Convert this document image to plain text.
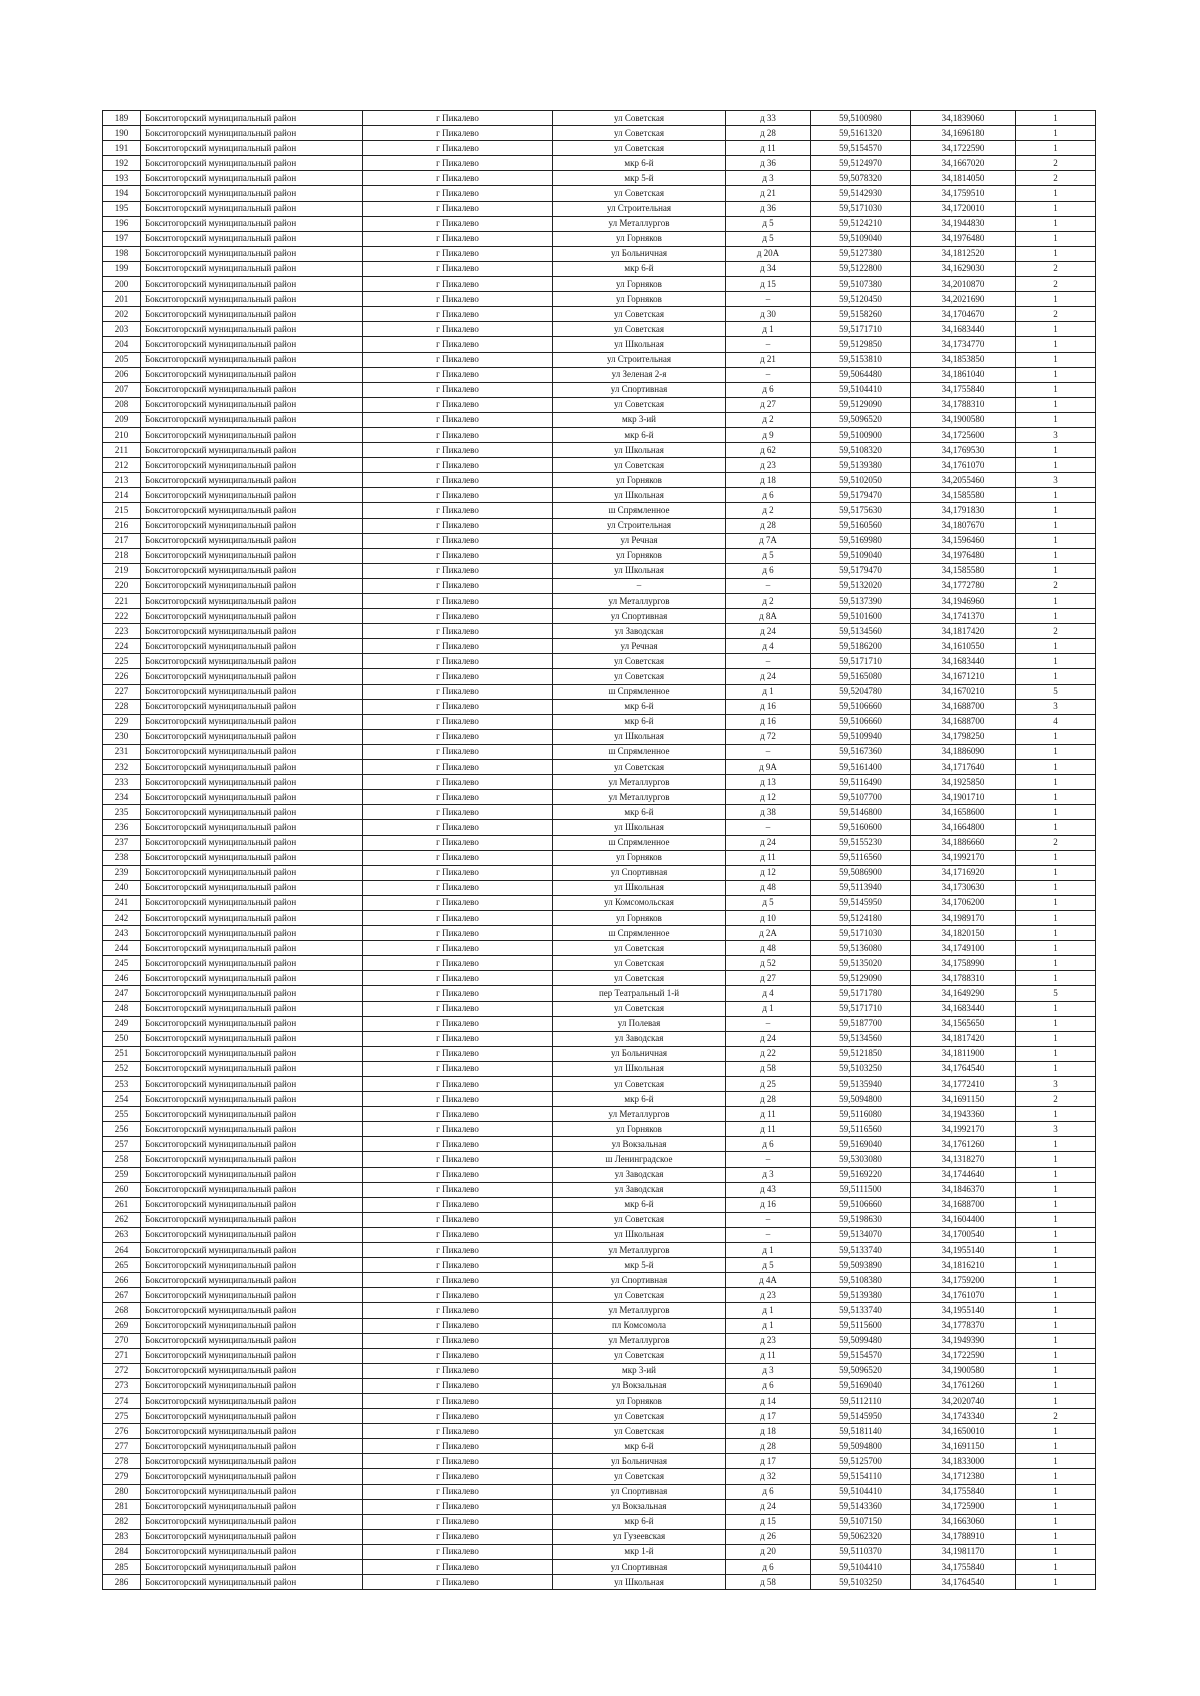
189	Бокситогорский муниципальный район	г Пикалево	ул Советская	д 33	59,5100980	34,1839060	1
190	Бокситогорский муниципальный район	г Пикалево	ул Советская	д 28	59,5161320	34,1696180	1
191	Бокситогорский муниципальный район	г Пикалево	ул Советская	д 11	59,5154570	34,1722590	1
192	Бокситогорский муниципальный район	г Пикалево	мкр 6-й	д 36	59,5124970	34,1667020	2
193	Бокситогорский муниципальный район	г Пикалево	мкр 5-й	д 3	59,5078320	34,1814050	2
194	Бокситогорский муниципальный район	г Пикалево	ул Советская	д 21	59,5142930	34,1759510	1
195	Бокситогорский муниципальный район	г Пикалево	ул Строительная	д 36	59,5171030	34,1720010	1
196	Бокситогорский муниципальный район	г Пикалево	ул Металлургов	д 5	59,5124210	34,1944830	1
197	Бокситогорский муниципальный район	г Пикалево	ул Горняков	д 5	59,5109040	34,1976480	1
198	Бокситогорский муниципальный район	г Пикалево	ул Больничная	д 20А	59,5127380	34,1812520	1
199	Бокситогорский муниципальный район	г Пикалево	мкр 6-й	д 34	59,5122800	34,1629030	2
200	Бокситогорский муниципальный район	г Пикалево	ул Горняков	д 15	59,5107380	34,2010870	2
201	Бокситогорский муниципальный район	г Пикалево	ул Горняков	–	59,5120450	34,2021690	1
202	Бокситогорский муниципальный район	г Пикалево	ул Советская	д 30	59,5158260	34,1704670	2
203	Бокситогорский муниципальный район	г Пикалево	ул Советская	д 1	59,5171710	34,1683440	1
204	Бокситогорский муниципальный район	г Пикалево	ул Школьная	–	59,5129850	34,1734770	1
205	Бокситогорский муниципальный район	г Пикалево	ул Строительная	д 21	59,5153810	34,1853850	1
206	Бокситогорский муниципальный район	г Пикалево	ул Зеленая 2-я	–	59,5064480	34,1861040	1
207	Бокситогорский муниципальный район	г Пикалево	ул Спортивная	д 6	59,5104410	34,1755840	1
208	Бокситогорский муниципальный район	г Пикалево	ул Советская	д 27	59,5129090	34,1788310	1
209	Бокситогорский муниципальный район	г Пикалево	мкр 3-ий	д 2	59,5096520	34,1900580	1
210	Бокситогорский муниципальный район	г Пикалево	мкр 6-й	д 9	59,5100900	34,1725600	3
211	Бокситогорский муниципальный район	г Пикалево	ул Школьная	д 62	59,5108320	34,1769530	1
212	Бокситогорский муниципальный район	г Пикалево	ул Советская	д 23	59,5139380	34,1761070	1
213	Бокситогорский муниципальный район	г Пикалево	ул Горняков	д 18	59,5102050	34,2055460	3
214	Бокситогорский муниципальный район	г Пикалево	ул Школьная	д 6	59,5179470	34,1585580	1
215	Бокситогорский муниципальный район	г Пикалево	ш Спрямленное	д 2	59,5175630	34,1791830	1
216	Бокситогорский муниципальный район	г Пикалево	ул Строительная	д 28	59,5160560	34,1807670	1
217	Бокситогорский муниципальный район	г Пикалево	ул Речная	д 7А	59,5169980	34,1596460	1
218	Бокситогорский муниципальный район	г Пикалево	ул Горняков	д 5	59,5109040	34,1976480	1
219	Бокситогорский муниципальный район	г Пикалево	ул Школьная	д 6	59,5179470	34,1585580	1
220	Бокситогорский муниципальный район	г Пикалево	–	–	59,5132020	34,1772780	2
221	Бокситогорский муниципальный район	г Пикалево	ул Металлургов	д 2	59,5137390	34,1946960	1
222	Бокситогорский муниципальный район	г Пикалево	ул Спортивная	д 8А	59,5101600	34,1741370	1
223	Бокситогорский муниципальный район	г Пикалево	ул Заводская	д 24	59,5134560	34,1817420	2
224	Бокситогорский муниципальный район	г Пикалево	ул Речная	д 4	59,5186200	34,1610550	1
225	Бокситогорский муниципальный район	г Пикалево	ул Советская	–	59,5171710	34,1683440	1
226	Бокситогорский муниципальный район	г Пикалево	ул Советская	д 24	59,5165080	34,1671210	1
227	Бокситогорский муниципальный район	г Пикалево	ш Спрямленное	д 1	59,5204780	34,1670210	5
228	Бокситогорский муниципальный район	г Пикалево	мкр 6-й	д 16	59,5106660	34,1688700	3
229	Бокситогорский муниципальный район	г Пикалево	мкр 6-й	д 16	59,5106660	34,1688700	4
230	Бокситогорский муниципальный район	г Пикалево	ул Школьная	д 72	59,5109940	34,1798250	1
231	Бокситогорский муниципальный район	г Пикалево	ш Спрямленное	–	59,5167360	34,1886090	1
232	Бокситогорский муниципальный район	г Пикалево	ул Советская	д 9А	59,5161400	34,1717640	1
233	Бокситогорский муниципальный район	г Пикалево	ул Металлургов	д 13	59,5116490	34,1925850	1
234	Бокситогорский муниципальный район	г Пикалево	ул Металлургов	д 12	59,5107700	34,1901710	1
235	Бокситогорский муниципальный район	г Пикалево	мкр 6-й	д 38	59,5146800	34,1658600	1
236	Бокситогорский муниципальный район	г Пикалево	ул Школьная	–	59,5160600	34,1664800	1
237	Бокситогорский муниципальный район	г Пикалево	ш Спрямленное	д 24	59,5155230	34,1886660	2
238	Бокситогорский муниципальный район	г Пикалево	ул Горняков	д 11	59,5116560	34,1992170	1
239	Бокситогорский муниципальный район	г Пикалево	ул Спортивная	д 12	59,5086900	34,1716920	1
240	Бокситогорский муниципальный район	г Пикалево	ул Школьная	д 48	59,5113940	34,1730630	1
241	Бокситогорский муниципальный район	г Пикалево	ул Комсомольская	д 5	59,5145950	34,1706200	1
242	Бокситогорский муниципальный район	г Пикалево	ул Горняков	д 10	59,5124180	34,1989170	1
243	Бокситогорский муниципальный район	г Пикалево	ш Спрямленное	д 2А	59,5171030	34,1820150	1
244	Бокситогорский муниципальный район	г Пикалево	ул Советская	д 48	59,5136080	34,1749100	1
245	Бокситогорский муниципальный район	г Пикалево	ул Советская	д 52	59,5135020	34,1758990	1
246	Бокситогорский муниципальный район	г Пикалево	ул Советская	д 27	59,5129090	34,1788310	1
247	Бокситогорский муниципальный район	г Пикалево	пер Театральный 1-й	д 4	59,5171780	34,1649290	5
248	Бокситогорский муниципальный район	г Пикалево	ул Советская	д 1	59,5171710	34,1683440	1
249	Бокситогорский муниципальный район	г Пикалево	ул Полевая	–	59,5187700	34,1565650	1
250	Бокситогорский муниципальный район	г Пикалево	ул Заводская	д 24	59,5134560	34,1817420	1
251	Бокситогорский муниципальный район	г Пикалево	ул Больничная	д 22	59,5121850	34,1811900	1
252	Бокситогорский муниципальный район	г Пикалево	ул Школьная	д 58	59,5103250	34,1764540	1
253	Бокситогорский муниципальный район	г Пикалево	ул Советская	д 25	59,5135940	34,1772410	3
254	Бокситогорский муниципальный район	г Пикалево	мкр 6-й	д 28	59,5094800	34,1691150	2
255	Бокситогорский муниципальный район	г Пикалево	ул Металлургов	д 11	59,5116080	34,1943360	1
256	Бокситогорский муниципальный район	г Пикалево	ул Горняков	д 11	59,5116560	34,1992170	3
257	Бокситогорский муниципальный район	г Пикалево	ул Вокзальная	д 6	59,5169040	34,1761260	1
258	Бокситогорский муниципальный район	г Пикалево	ш Ленинградское	–	59,5303080	34,1318270	1
259	Бокситогорский муниципальный район	г Пикалево	ул Заводская	д 3	59,5169220	34,1744640	1
260	Бокситогорский муниципальный район	г Пикалево	ул Заводская	д 43	59,5111500	34,1846370	1
261	Бокситогорский муниципальный район	г Пикалево	мкр 6-й	д 16	59,5106660	34,1688700	1
262	Бокситогорский муниципальный район	г Пикалево	ул Советская	–	59,5198630	34,1604400	1
263	Бокситогорский муниципальный район	г Пикалево	ул Школьная	–	59,5134070	34,1700540	1
264	Бокситогорский муниципальный район	г Пикалево	ул Металлургов	д 1	59,5133740	34,1955140	1
265	Бокситогорский муниципальный район	г Пикалево	мкр 5-й	д 5	59,5093890	34,1816210	1
266	Бокситогорский муниципальный район	г Пикалево	ул Спортивная	д 4А	59,5108380	34,1759200	1
267	Бокситогорский муниципальный район	г Пикалево	ул Советская	д 23	59,5139380	34,1761070	1
268	Бокситогорский муниципальный район	г Пикалево	ул Металлургов	д 1	59,5133740	34,1955140	1
269	Бокситогорский муниципальный район	г Пикалево	пл Комсомола	д 1	59,5115600	34,1778370	1
270	Бокситогорский муниципальный район	г Пикалево	ул Металлургов	д 23	59,5099480	34,1949390	1
271	Бокситогорский муниципальный район	г Пикалево	ул Советская	д 11	59,5154570	34,1722590	1
272	Бокситогорский муниципальный район	г Пикалево	мкр 3-ий	д 3	59,5096520	34,1900580	1
273	Бокситогорский муниципальный район	г Пикалево	ул Вокзальная	д 6	59,5169040	34,1761260	1
274	Бокситогорский муниципальный район	г Пикалево	ул Горняков	д 14	59,5112110	34,2020740	1
275	Бокситогорский муниципальный район	г Пикалево	ул Советская	д 17	59,5145950	34,1743340	2
276	Бокситогорский муниципальный район	г Пикалево	ул Советская	д 18	59,5181140	34,1650010	1
277	Бокситогорский муниципальный район	г Пикалево	мкр 6-й	д 28	59,5094800	34,1691150	1
278	Бокситогорский муниципальный район	г Пикалево	ул Больничная	д 17	59,5125700	34,1833000	1
279	Бокситогорский муниципальный район	г Пикалево	ул Советская	д 32	59,5154110	34,1712380	1
280	Бокситогорский муниципальный район	г Пикалево	ул Спортивная	д 6	59,5104410	34,1755840	1
281	Бокситогорский муниципальный район	г Пикалево	ул Вокзальная	д 24	59,5143360	34,1725900	1
282	Бокситогорский муниципальный район	г Пикалево	мкр 6-й	д 15	59,5107150	34,1663060	1
283	Бокситогорский муниципальный район	г Пикалево	ул Гузеевская	д 26	59,5062320	34,1788910	1
284	Бокситогорский муниципальный район	г Пикалево	мкр 1-й	д 20	59,5110370	34,1981170	1
285	Бокситогорский муниципальный район	г Пикалево	ул Спортивная	д 6	59,5104410	34,1755840	1
286	Бокситогорский муниципальный район	г Пикалево	ул Школьная	д 58	59,5103250	34,1764540	1
